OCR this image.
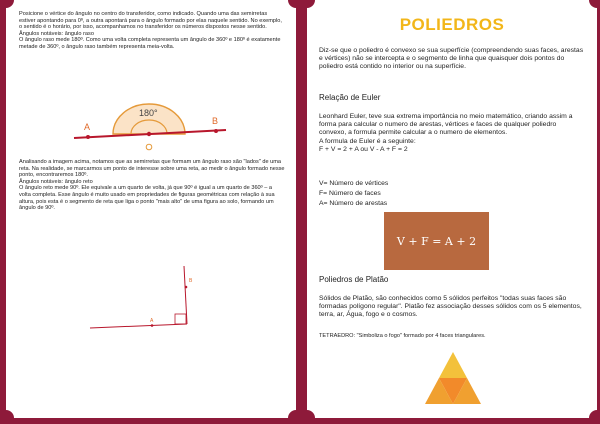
Posicione o vértice do ângulo no centro do transferidor, como indicado. Quando uma das semirretas estiver apontando para 0º, a outra apontará para o ângulo formado por elas naquele sentido. No exemplo, o sentido é o horário, por isso, acompanhamos no transferidor os números dispostos nesse sentido.
Ângulos notáveis: ângulo raso
O ângulo raso mede 180º. Como uma volta completa representa um ângulo de 360º e 180º é exatamente metade de 360º, o ângulo raso também representa meia-volta.

A
B
180°

Analisando a imagem acima, notamos que as semirretas que formam um ângulo raso são "lados" de uma reta. Na realidade, se marcarmos um ponto de interesse sobre uma reta, ao medir o ângulo formado nesse ponto, encontraremos 180º.
Ângulos notáveis: ângulo reto
O ângulo reto mede 90º. Ele equivale a um quarto de volta, já que 90º é igual a um quarto de 360º – a volta completa. Esse ângulo é muito usado em propriedades de figuras geométricas com relação à sua altura, pois esta é o segmento de reta que liga o ponto "mais alto" de uma figura ao solo, formando um ângulo de 90º.

A
B
POLIEDROS

Diz-se que o poliedro é convexo se sua superfície (compreendendo suas faces, arestas e vértices) não se intercepta e o segmento de linha que quaisquer dois pontos do poliedro está contido no interior ou na superfície.

Relação de Euler

Leonhard Euler, teve sua extrema importância no meio matemático, criando assim a forma para calcular o numero de arestas, vértices e faces de qualquer poliedro convexo, a formula permite calcular a o numero de elementos.
A formula de Euler é a seguinte:
F + V = 2 + A ou V - A + F = 2

V= Número de vértices

F= Número de faces

A= Número de arestas

V + F = A + 2

Poliedros de Platão

Sólidos de Platão, são conhecidos como 5 sólidos perfeitos "todas suas faces são formadas polígono regular". Platão fez associação desses sólidos com os 5 elementos, terra, ar, Água, fogo e o cosmos.

TETRAEDRO: "Simboliza o fogo" formado por 4 faces triangulares.
